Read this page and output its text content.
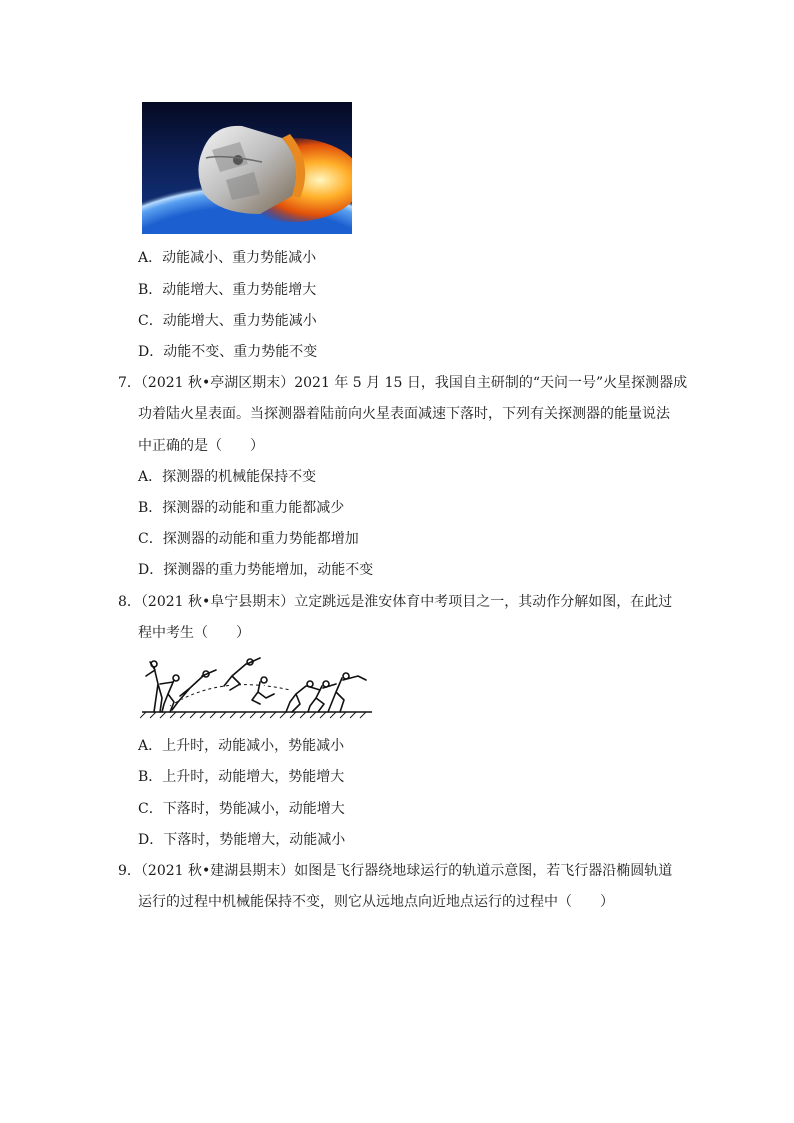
A．动能减小、重力势能减小
B．动能增大、重力势能增大
C．动能增大、重力势能减小
D．动能不变、重力势能不变
7．（2021 秋•亭湖区期末）2021 年 5 月 15 日，我国自主研制的“天问一号”火星探测器成
功着陆火星表面。当探测器着陆前向火星表面减速下落时，下列有关探测器的能量说法
中正确的是（　　）
A．探测器的机械能保持不变
B．探测器的动能和重力能都减少
C．探测器的动能和重力势能都增加
D．探测器的重力势能增加，动能不变
8．（2021 秋•阜宁县期末）立定跳远是淮安体育中考项目之一，其动作分解如图，在此过
程中考生（　　）
A．上升时，动能减小，势能减小
B．上升时，动能增大，势能增大
C．下落时，势能减小，动能增大
D．下落时，势能增大，动能减小
9．（2021 秋•建湖县期末）如图是飞行器绕地球运行的轨道示意图，若飞行器沿椭圆轨道
运行的过程中机械能保持不变，则它从远地点向近地点运行的过程中（　　）
